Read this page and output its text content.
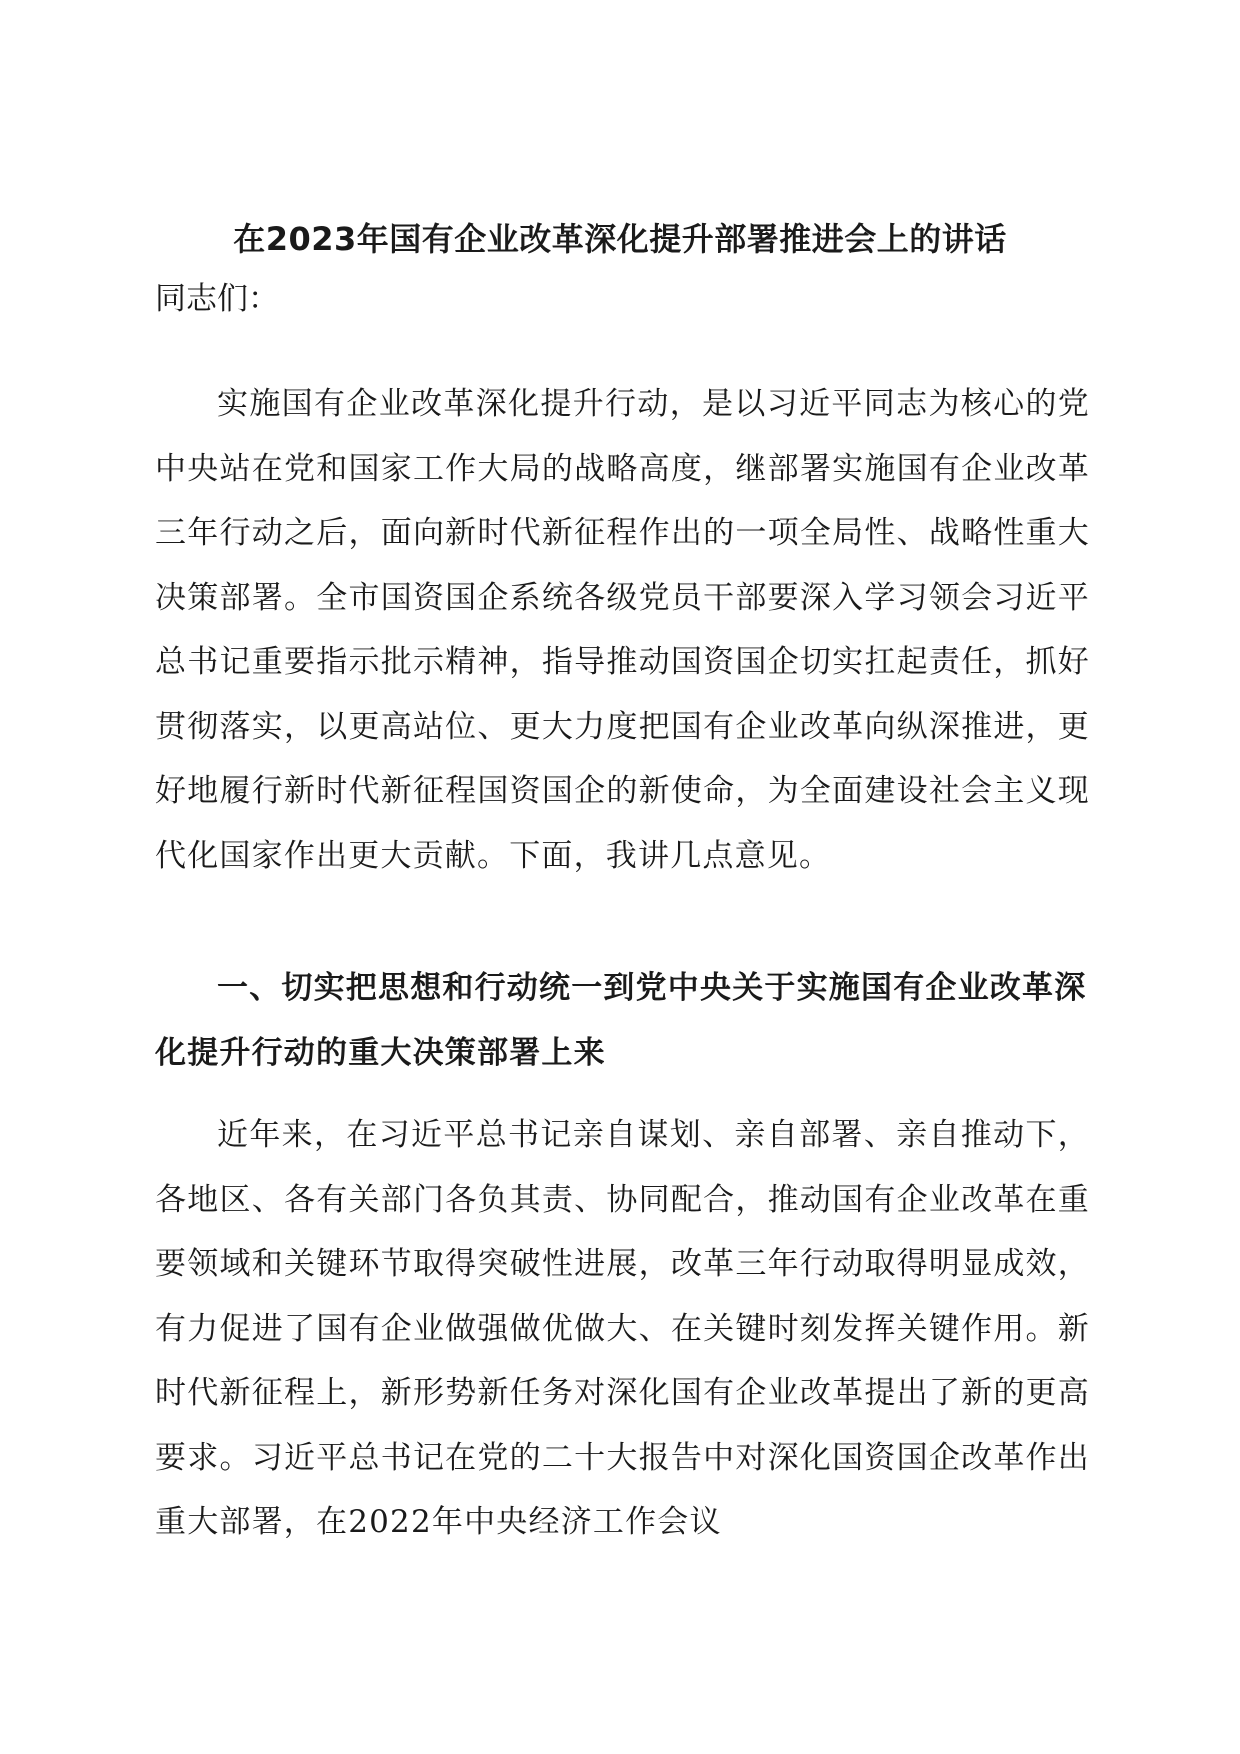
在2023年国有企业改革深化提升部署推进会上的讲话

同志们：

实施国有企业改革深化提升行动，是以习近平同志为核心的党中央站在党和国家工作大局的战略高度，继部署实施国有企业改革三年行动之后，面向新时代新征程作出的一项全局性、战略性重大决策部署。全市国资国企系统各级党员干部要深入学习领会习近平总书记重要指示批示精神，指导推动国资国企切实扛起责任，抓好贯彻落实，以更高站位、更大力度把国有企业改革向纵深推进，更好地履行新时代新征程国资国企的新使命，为全面建设社会主义现代化国家作出更大贡献。下面，我讲几点意见。

一、切实把思想和行动统一到党中央关于实施国有企业改革深化提升行动的重大决策部署上来

近年来，在习近平总书记亲自谋划、亲自部署、亲自推动下，各地区、各有关部门各负其责、协同配合，推动国有企业改革在重要领域和关键环节取得突破性进展，改革三年行动取得明显成效，有力促进了国有企业做强做优做大、在关键时刻发挥关键作用。新时代新征程上，新形势新任务对深化国有企业改革提出了新的更高要求。习近平总书记在党的二十大报告中对深化国资国企改革作出重大部署，在2022年中央经济工作会议
